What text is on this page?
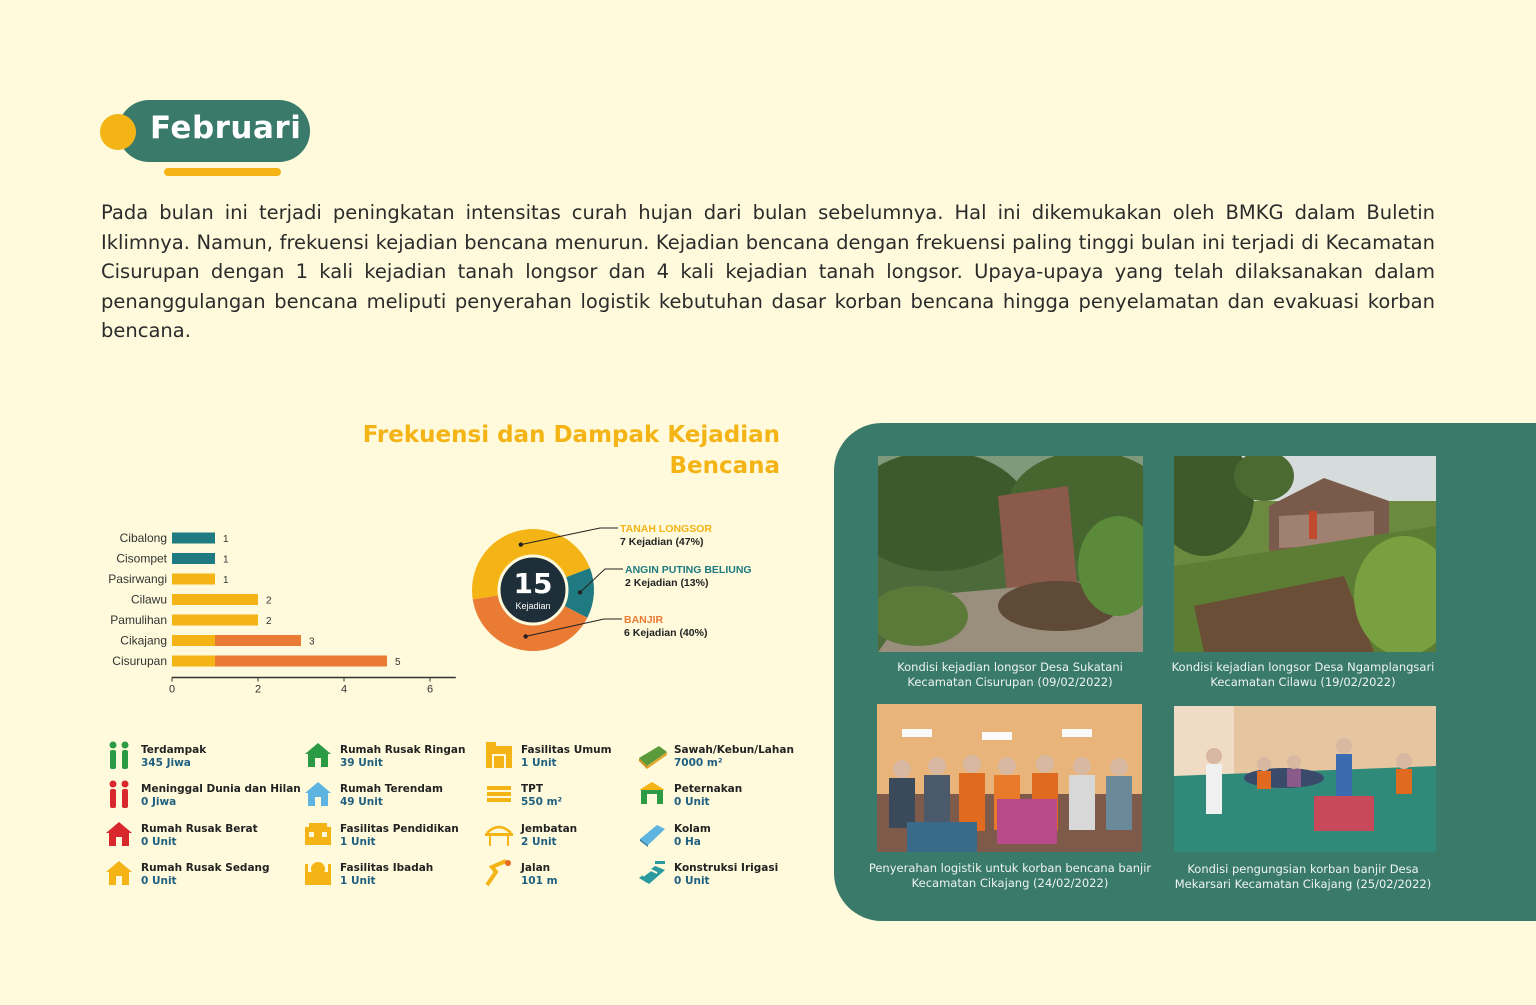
Februari

Pada bulan ini terjadi peningkatan intensitas curah hujan dari bulan sebelumnya. Hal ini dikemukakan oleh BMKG dalam Buletin Iklimnya. Namun, frekuensi kejadian bencana menurun. Kejadian bencana dengan frekuensi paling tinggi bulan ini terjadi di Kecamatan Cisurupan dengan 1 kali kejadian tanah longsor dan 4 kali kejadian tanah longsor. Upaya-upaya yang telah dilaksanakan dalam penanggulangan bencana meliputi penyerahan logistik kebutuhan dasar korban bencana hingga penyelamatan dan evakuasi korban bencana.

Frekuensi dan Dampak Kejadian
Bencana
Cibalong	1
Cisompet	1
Pasirwangi	1
Cilawu	2
Pamulihan	2
Cikajang	3
Cisurupan	5
0	2	4	6
15
Kejadian
TANAH LONGSOR
7 Kejadian (47%)
ANGIN PUTING BELIUNG
2 Kejadian (13%)
BANJIR
6 Kejadian (40%)
Terdampak
345 Jiwa
Meninggal Dunia dan Hilan
0 Jiwa
Rumah Rusak Berat
0 Unit
Rumah Rusak Sedang
0 Unit
Rumah Rusak Ringan
39 Unit
Rumah Terendam
49 Unit
Fasilitas Pendidikan
1 Unit
Fasilitas Ibadah
1 Unit
Fasilitas Umum
1 Unit
TPT
550 m²
Jembatan
2 Unit
Jalan
101 m
Sawah/Kebun/Lahan
7000 m²
Peternakan
0 Unit
Kolam
0 Ha
Konstruksi Irigasi
0 Unit
Kondisi kejadian longsor Desa Sukatani
Kecamatan Cisurupan (09/02/2022)
Kondisi kejadian longsor Desa Ngamplangsari
Kecamatan Cilawu (19/02/2022)
Penyerahan logistik untuk korban bencana banjir
Kecamatan Cikajang (24/02/2022)
Kondisi pengungsian korban banjir Desa
Mekarsari Kecamatan Cikajang (25/02/2022)
